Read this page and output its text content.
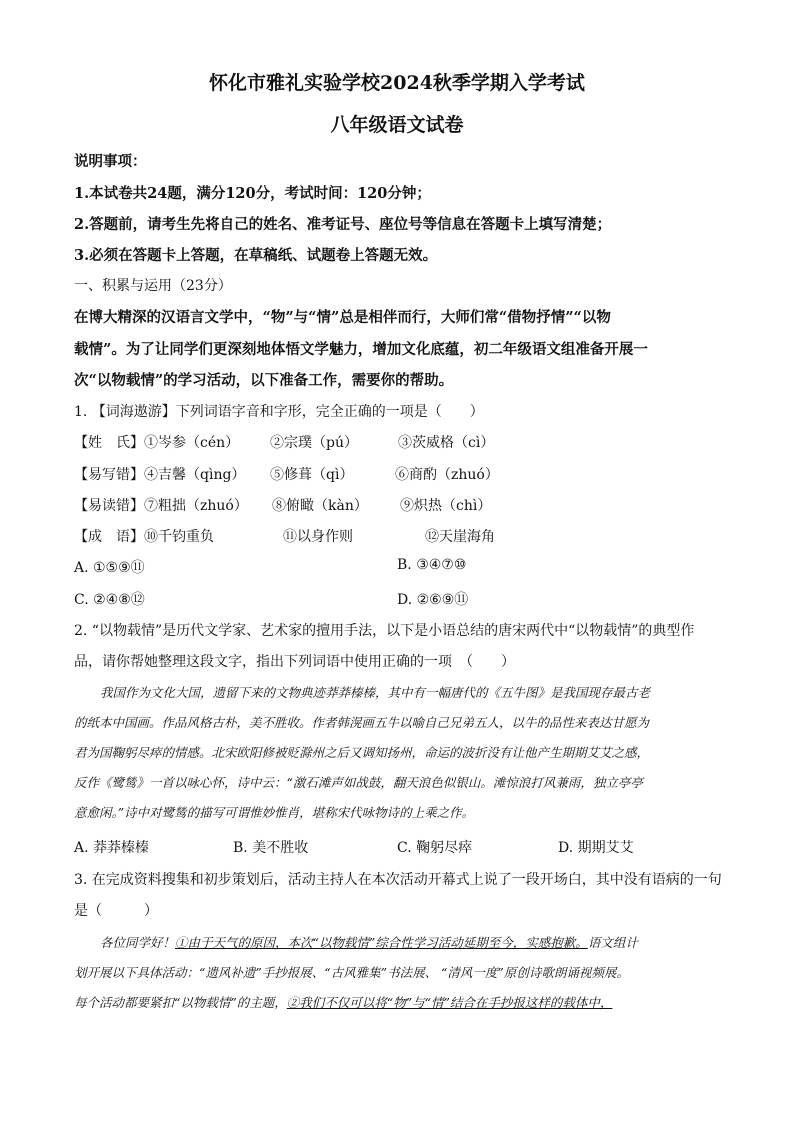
怀化市雅礼实验学校2024秋季学期入学考试
八年级语文试卷
说明事项：
1.本试卷共24题，满分120分，考试时间：120分钟；
2.答题前，请考生先将自己的姓名、准考证号、座位号等信息在答题卡上填写清楚；
3.必须在答题卡上答题，在草稿纸、试题卷上答题无效。
一、积累与运用（23分）
在博大精深的汉语言文学中，“物”与“情”总是相伴而行，大师们常“借物抒情”“以物
载情”。为了让同学们更深刻地体悟文学魅力，增加文化底蕴，初二年级语文组准备开展一
次“以物载情”的学习活动，以下准备工作，需要你的帮助。
1. 【词海遨游】下列词语字音和字形，完全正确的一项是（　　）
【姓　氏】①岑参（cén） ②宗璞（pú）	③茨威格（cì）
【易写错】④吉馨（qìng） ⑤修葺（qì）	⑥商酌（zhuó）
【易读错】⑦粗拙（zhuó） ⑧俯瞰（kàn） ⑨炽热（chì）
【成　语】⑩千钧重负	⑪以身作则	⑫天崖海角
A. ①⑤⑨⑪	B. ③④⑦⑩
C. ②④⑧⑫	D. ②⑥⑨⑪
2. “以物载情”是历代文学家、艺术家的擅用手法，以下是小语总结的唐宋两代中“以物载情”的典型作
品，请你帮她整理这段文字，指出下列词语中使用正确的一项　（　　）
我国作为文化大国，遗留下来的文物典迹莽莽榛榛，其中有一幅唐代的《五牛图》是我国现存最古老
的纸本中国画。作品风格古朴，美不胜收。作者韩滉画五牛以喻自己兄弟五人，以牛的品性来表达甘愿为
君为国鞠躬尽瘁的情感。北宋欧阳修被贬滁州之后又调知扬州，命运的波折没有让他产生期期艾艾之感，
反作《鹭鸶》一首以咏心怀，诗中云：“激石滩声如战鼓，翻天浪色似银山。滩惊浪打风兼雨，独立亭亭
意愈闲。”诗中对鹭鸶的描写可谓惟妙惟肖，堪称宋代咏物诗的上乘之作。
A. 莽莽榛榛	B. 美不胜收	C. 鞠躬尽瘁	D. 期期艾艾
3. 在完成资料搜集和初步策划后，活动主持人在本次活动开幕式上说了一段开场白，其中没有语病的一句
是（　　　）
各位同学好！①由于天气的原因，本次“以物载情”综合性学习活动延期至今，实感抱歉。语文组计
划开展以下具体活动：“遗风补遗”手抄报展、“古风雅集”书法展、 “清风一度”原创诗歌朗诵视频展。
每个活动都要紧扣“以物载情”的主题，②我们不仅可以将“物”与“情”结合在手抄报这样的载体中，
